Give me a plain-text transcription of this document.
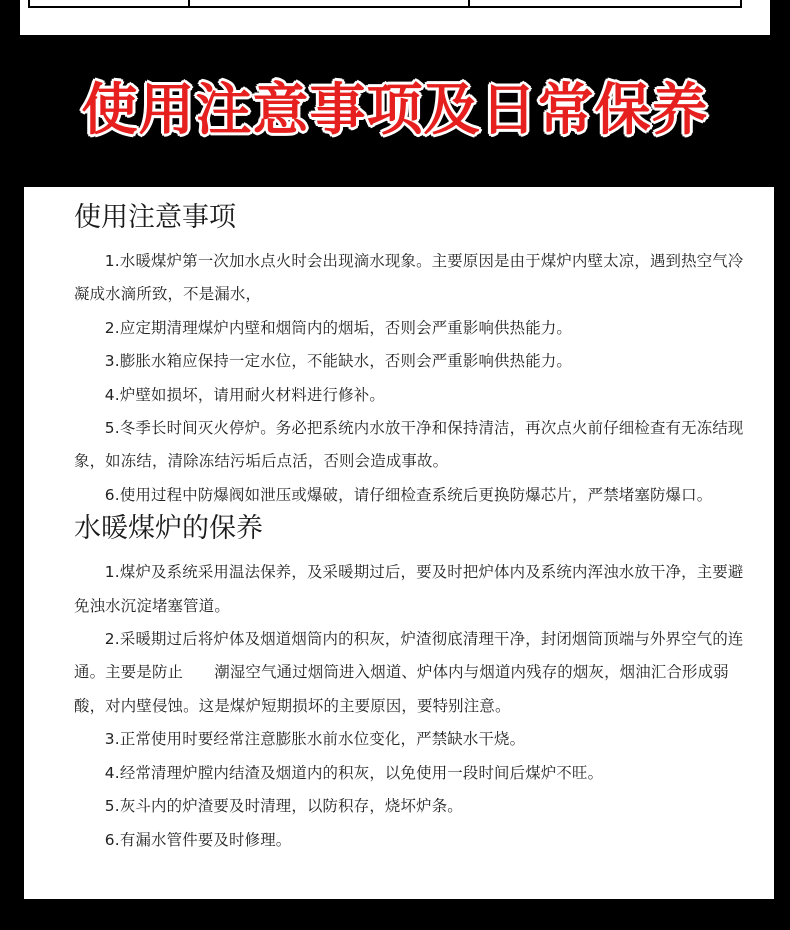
使用注意事项及日常保养
使用注意事项

1.水暖煤炉第一次加水点火时会出现滴水现象。主要原因是由于煤炉内壁太凉，遇到热空气冷凝成水滴所致，不是漏水，

2.应定期清理煤炉内壁和烟筒内的烟垢，否则会严重影响供热能力。

3.膨胀水箱应保持一定水位，不能缺水，否则会严重影响供热能力。

4.炉壁如损坏，请用耐火材料进行修补。

5.冬季长时间灭火停炉。务必把系统内水放干净和保持清洁，再次点火前仔细检查有无冻结现象，如冻结，清除冻结污垢后点活，否则会造成事故。

6.使用过程中防爆阀如泄压或爆破，请仔细检查系统后更换防爆芯片，严禁堵塞防爆口。

水暖煤炉的保养

1.煤炉及系统采用温法保养，及采暖期过后，要及时把炉体内及系统内浑浊水放干净，主要避免浊水沉淀堵塞管道。

2.采暖期过后将炉体及烟道烟筒内的积灰，炉渣彻底清理干净，封闭烟筒顶端与外界空气的连通。主要是防止　　潮湿空气通过烟筒进入烟道、炉体内与烟道内残存的烟灰，烟油汇合形成弱酸，对内壁侵蚀。这是煤炉短期损坏的主要原因，要特别注意。

3.正常使用时要经常注意膨胀水前水位变化，严禁缺水干烧。

4.经常清理炉膛内结渣及烟道内的积灰，以免使用一段时间后煤炉不旺。

5.灰斗内的炉渣要及时清理，以防积存，烧坏炉条。

6.有漏水管件要及时修理。
